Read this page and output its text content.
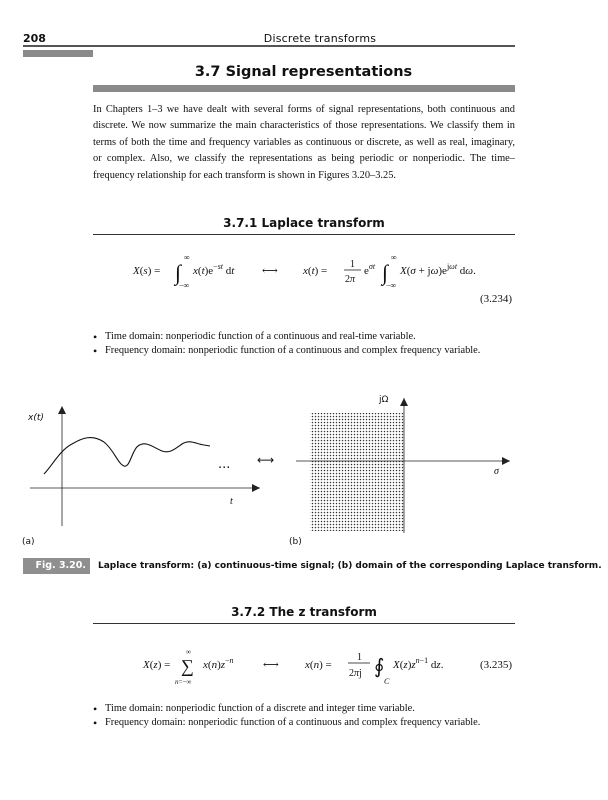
208	Discrete transforms
3.7 Signal representations
In Chapters 1–3 we have dealt with several forms of signal representations, both continuous and discrete. We now summarize the main characteristics of those representations. We classify them in terms of both the time and frequency variables as continuous or discrete, as well as real, imaginary, or complex. Also, we classify the representations as being periodic or nonperiodic. The time–frequency relationship for each transform is shown in Figures 3.20–3.25.
3.7.1 Laplace transform
X(s) = ∫
∞
−∞
$x(t)e^{-st}$ dt	⟷ x(t) =
1
2π
$e^{\sigma t}$ ∫
∞
−∞
$X(\sigma + j\omega)e^{j\omega t}$ dω.
(3.234)
• Time domain: nonperiodic function of a continuous and real-time variable.
• Frequency domain: nonperiodic function of a continuous and complex frequency variable.
x(t)
t
... ⟷
jΩ
σ
(a)	(b)
Fig. 3.20.	Laplace transform: (a) continuous-time signal; (b) domain of the corresponding Laplace transform.
3.7.2 The z transform
X(z) =
∞
∑
n=−∞
$x(n)z^{-n}$	⟷ x(n) =
1
2πj ∮
C
$X(z)z^{n-1}$ dz.	(3.235)
• Time domain: nonperiodic function of a discrete and integer time variable.
• Frequency domain: nonperiodic function of a continuous and complex frequency variable.
